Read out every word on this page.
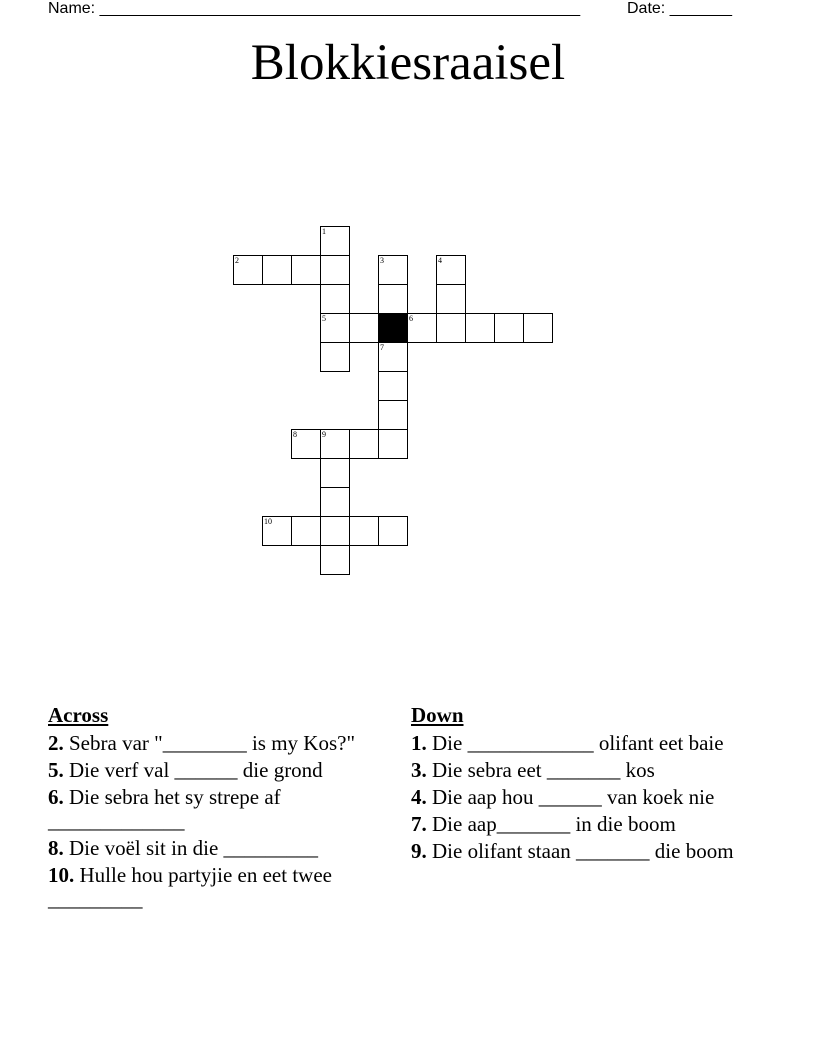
Name: ______________________________________________________	Date: _______
Blokkiesraaisel
1
2	3	4
5	6
7
8	9
10
Across

2. Sebra var "________ is my Kos?"

5. Die verf val ______ die grond

6. Die sebra het sy strepe af _____________

8. Die voël sit in die _________

10. Hulle hou partyjie en eet twee _________

Down

1. Die ____________ olifant eet baie

3. Die sebra eet _______ kos

4. Die aap hou ______ van koek nie

7. Die aap_______ in die boom

9. Die olifant staan _______ die boom
